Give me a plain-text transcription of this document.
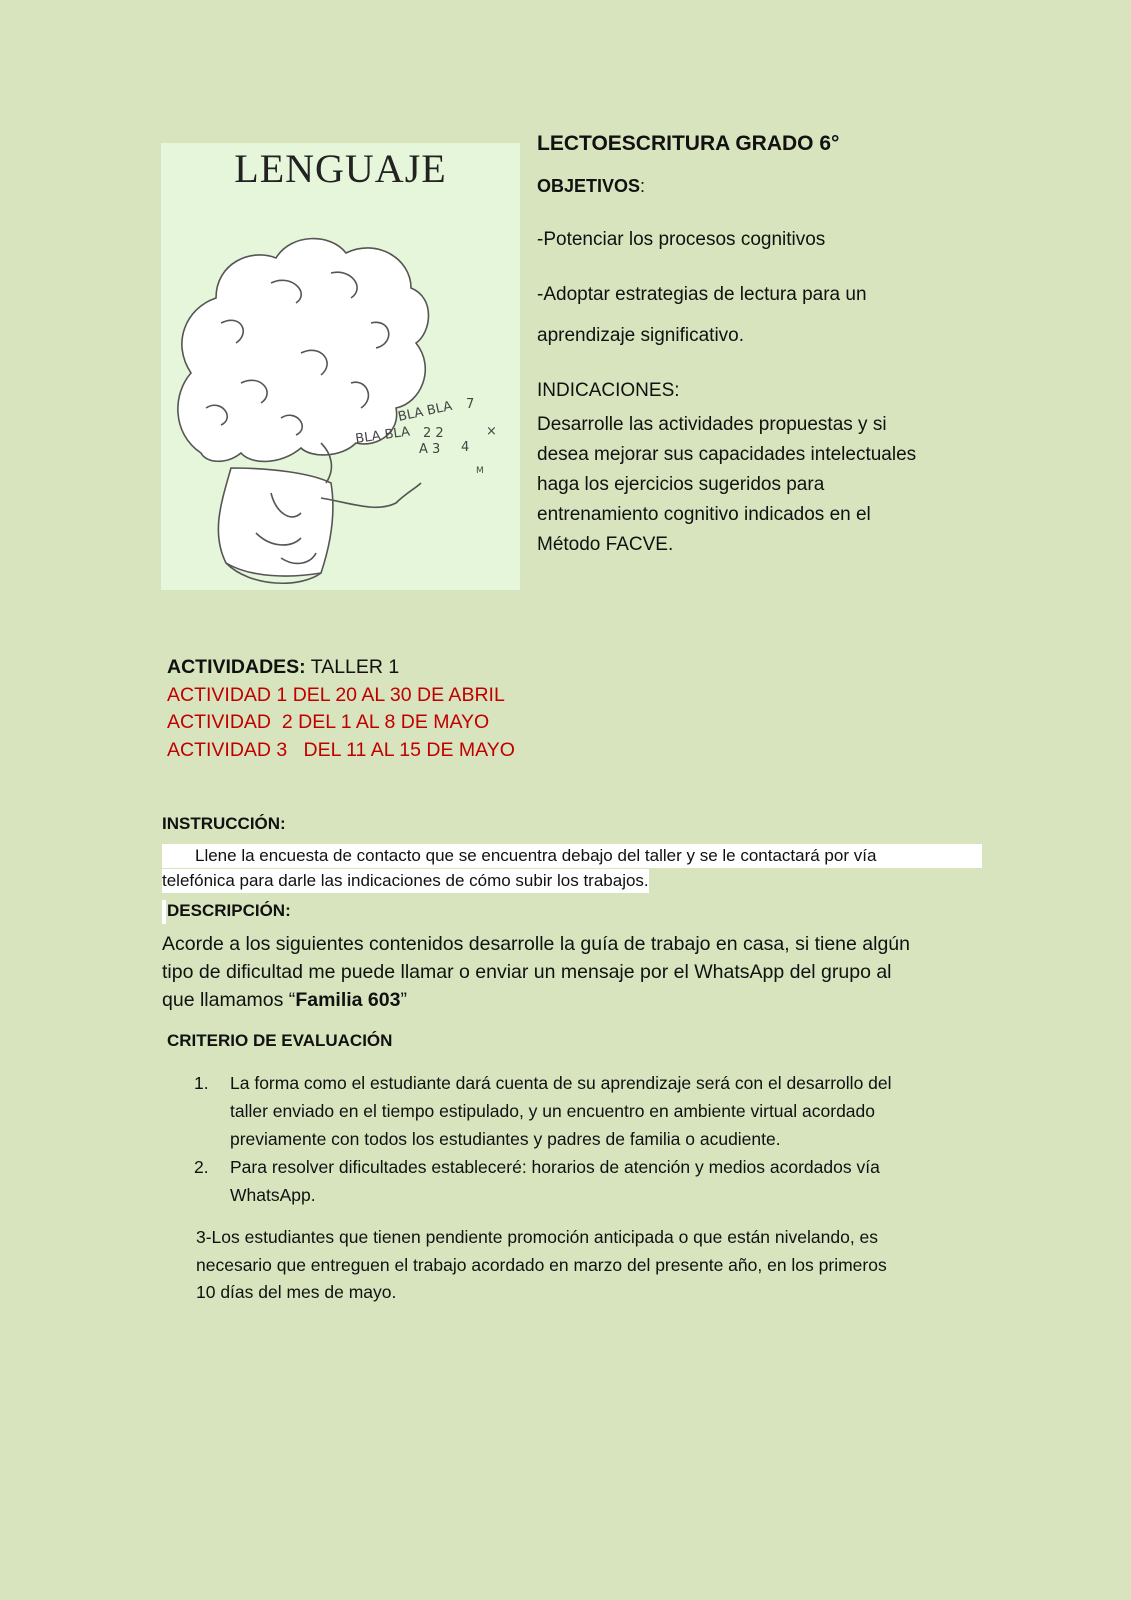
LENGUAJE
BLA BLA 7
BLA BLA 2 2
A 3 4
×
M
LECTOESCRITURA GRADO 6°
OBJETIVOS:
-Potenciar los procesos cognitivos
-Adoptar estrategias de lectura para un
aprendizaje significativo.
INDICACIONES:
Desarrolle las actividades propuestas y si
desea mejorar sus capacidades intelectuales
haga los ejercicios sugeridos para
entrenamiento cognitivo indicados en el
Método FACVE.
ACTIVIDADES: TALLER 1
ACTIVIDAD 1 DEL 20 AL 30 DE ABRIL
ACTIVIDAD  2 DEL 1 AL 8 DE MAYO
ACTIVIDAD 3   DEL 11 AL 15 DE MAYO
INSTRUCCIÓN:
Llene la encuesta de contacto que se encuentra debajo del taller y se le contactará por vía
telefónica para darle las indicaciones de cómo subir los trabajos.
DESCRIPCIÓN:
Acorde a los siguientes contenidos desarrolle la guía de trabajo en casa, si tiene algún
tipo de dificultad me puede llamar o enviar un mensaje por el WhatsApp del grupo al
que llamamos “Familia 603”
CRITERIO DE EVALUACIÓN
1. La forma como el estudiante dará cuenta de su aprendizaje será con el desarrollo del
taller enviado en el tiempo estipulado, y un encuentro en ambiente virtual acordado
previamente con todos los estudiantes y padres de familia o acudiente.
2. Para resolver dificultades estableceré: horarios de atención y medios acordados vía
WhatsApp.
3-Los estudiantes que tienen pendiente promoción anticipada o que están nivelando, es
necesario que entreguen el trabajo acordado en marzo del presente año, en los primeros
10 días del mes de mayo.
